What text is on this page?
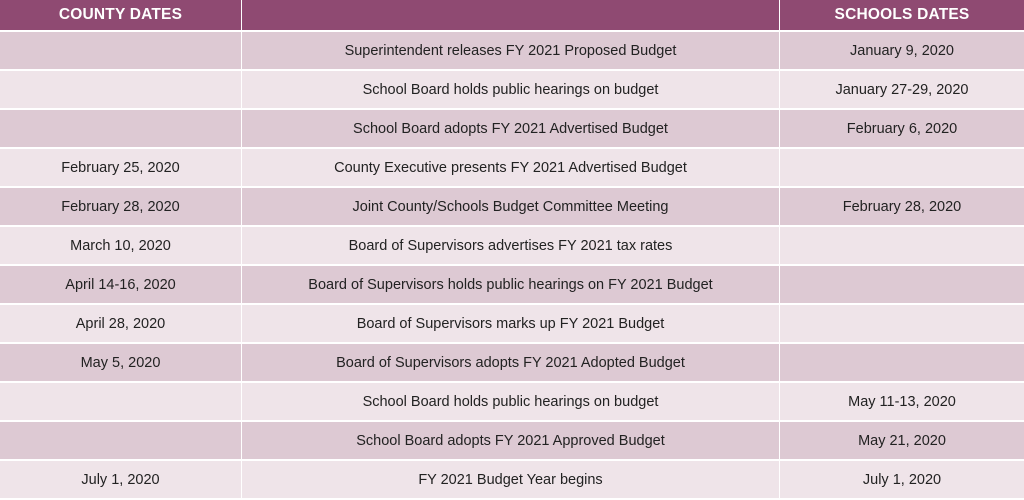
COUNTY DATES		SCHOOLS DATES
	Superintendent releases FY 2021 Proposed Budget	January 9, 2020
	School Board holds public hearings on budget	January 27-29, 2020
	School Board adopts FY 2021 Advertised Budget	February 6, 2020
February 25, 2020	County Executive presents FY 2021 Advertised Budget	
February 28, 2020	Joint County/Schools Budget Committee Meeting	February 28, 2020
March 10, 2020	Board of Supervisors advertises FY 2021 tax rates	
April 14-16, 2020	Board of Supervisors holds public hearings on FY 2021 Budget	
April 28, 2020	Board of Supervisors marks up FY 2021 Budget	
May 5, 2020	Board of Supervisors adopts FY 2021 Adopted Budget	
	School Board holds public hearings on budget	May 11-13, 2020
	School Board adopts FY 2021 Approved Budget	May 21, 2020
July 1, 2020	FY 2021 Budget Year begins	July 1, 2020
